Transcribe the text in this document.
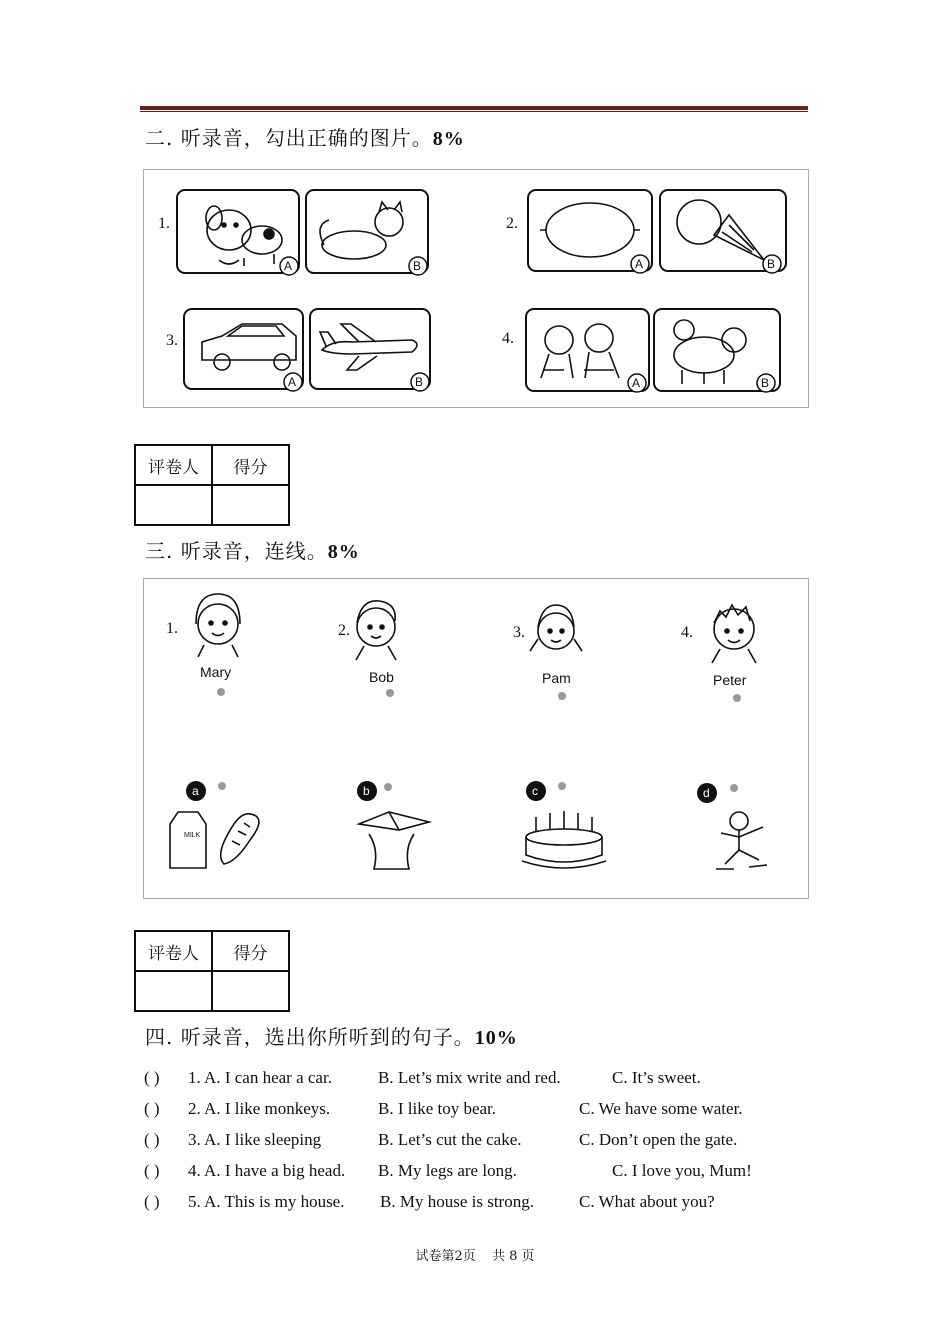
二. 听录音，勾出正确的图片。8%
1.
A	B
2.
A	B
3.
A	B
4.
A	B
评卷人	得分

三. 听录音，连线。8%
1.
Mary
2.
Bob
3.
Pam
4.
Peter
a
MILK
b	c	d
评卷人	得分

四. 听录音，选出你所听到的句子。10%
( ) 1. A. I can hear a car.	B. Let’s mix write and red.	C. It’s sweet.
( ) 2. A. I like monkeys.	B. I like toy bear.	C. We have some water.
( ) 3. A. I like sleeping	B. Let’s cut the cake.	C. Don’t open the gate.
( ) 4. A. I have a big head. B. My legs are long.	C. I love you, Mum!
( ) 5. A. This is my house. B. My house is strong.	C. What about you?
试卷第2页 共 8 页
